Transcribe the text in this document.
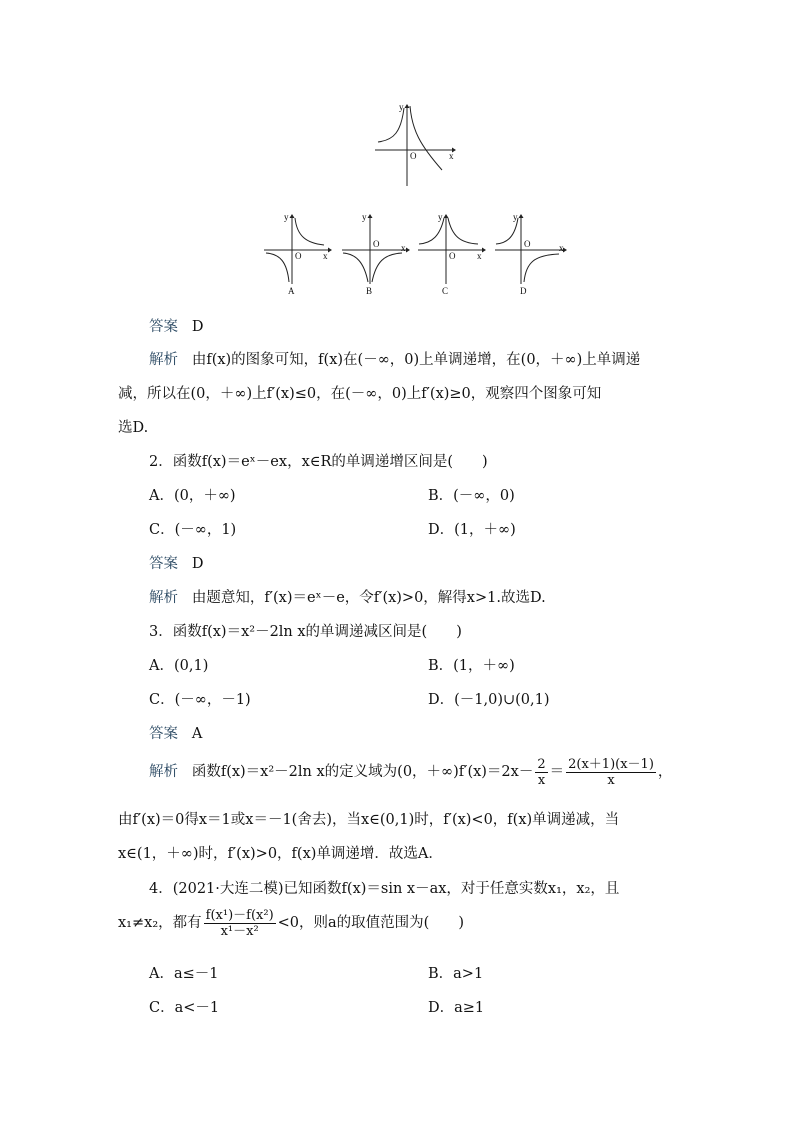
y
x
O
y
x
O
A
y
x
O
B
y
x
O
C
y
x
O
D
答案 D
解析 由f(x)的图象可知，f(x)在(－∞，0)上单调递增，在(0，＋∞)上单调递
减，所以在(0，＋∞)上f′(x)≤0，在(－∞，0)上f′(x)≥0，观察四个图象可知
选D.
2．函数f(x)＝eˣ－ex，x∈R的单调递增区间是(　　)
A．(0，＋∞)	B．(－∞，0)
C．(－∞，1)	D．(1，＋∞)
答案 D
解析 由题意知，f′(x)＝eˣ－e，令f′(x)>0，解得x>1.故选D.
3．函数f(x)＝x²－2ln x的单调递减区间是(　　)
A．(0,1)	B．(1，＋∞)
C．(－∞，－1)	D．(－1,0)∪(0,1)
答案 A
解析 函数f(x)＝x²－2ln x的定义域为(0，$+\infty)f'(x)=2x- \frac{2}{x} = \frac{2(x+1)(x-1)}{x}$ ，
由f′(x)＝0得x＝1或x＝－1(舍去)，当x∈(0,1)时，f′(x)<0，f(x)单调递减，当
x∈(1，＋∞)时，f′(x)>0，f(x)单调递增．故选A．
4．(2021·大连二模)已知函数f(x)＝sin x－ax，对于任意实数x₁，x₂，且
x₁≠x₂，都有 $\frac{\text{f(x¹)－f(x²)}}{\text{x¹－x²}} <0$，则a的取值范围为(　　)
A．a≤－1	B．a>1
C．a<－1	D．a≥1
